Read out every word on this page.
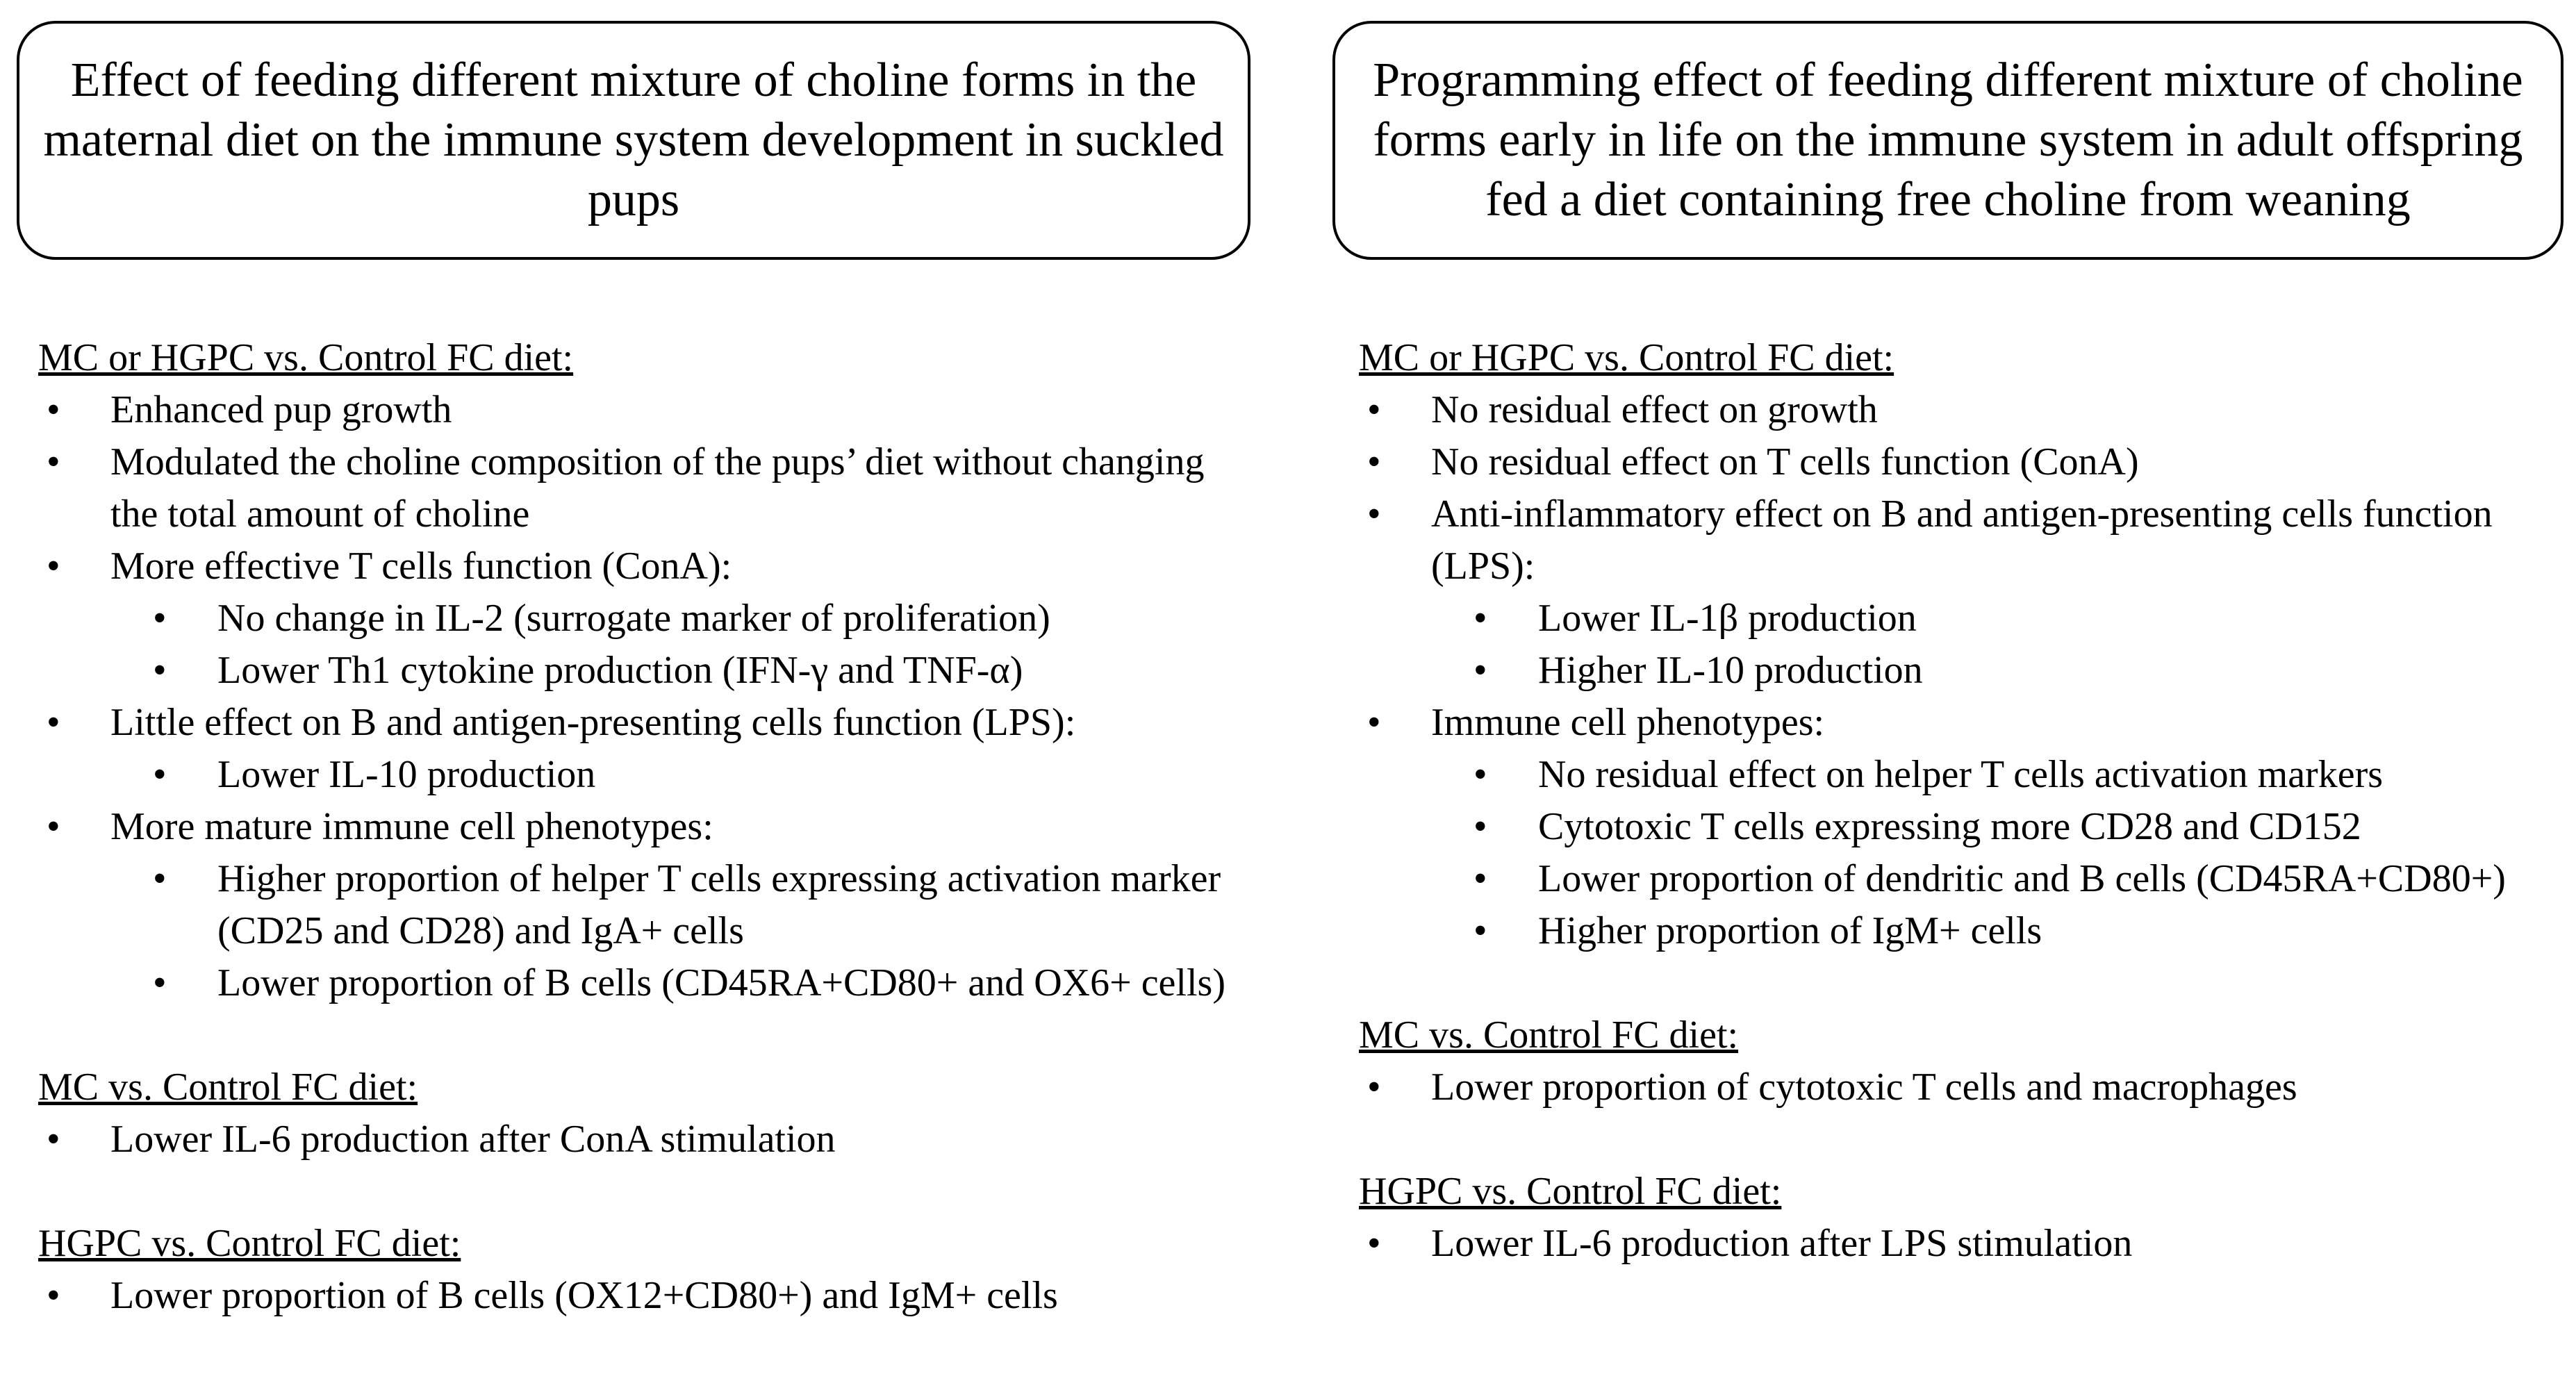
Effect of feeding different mixture of choline forms in the maternal diet on the immune system development in suckled pups
Programming effect of feeding different mixture of choline forms early in life on the immune system in adult offspring fed a diet containing free choline from weaning
MC or HGPC vs. Control FC diet:
• Enhanced pup growth
• Modulated the choline composition of the pups’ diet without changing the total amount of choline
• More effective T cells function (ConA):
• No change in IL-2 (surrogate marker of proliferation)
• Lower Th1 cytokine production (IFN-γ and TNF-α)
• Little effect on B and antigen-presenting cells function (LPS):
• Lower IL-10 production
• More mature immune cell phenotypes:
• Higher proportion of helper T cells expressing activation marker (CD25 and CD28) and IgA+ cells
• Lower proportion of B cells (CD45RA+CD80+ and OX6+ cells)
MC vs. Control FC diet:
• Lower IL-6 production after ConA stimulation
HGPC vs. Control FC diet:
• Lower proportion of B cells (OX12+CD80+) and IgM+ cells
MC or HGPC vs. Control FC diet:
• No residual effect on growth
• No residual effect on T cells function (ConA)
• Anti-inflammatory effect on B and antigen-presenting cells function (LPS):
• Lower IL-1β production
• Higher IL-10 production
• Immune cell phenotypes:
• No residual effect on helper T cells activation markers
• Cytotoxic T cells expressing more CD28 and CD152
• Lower proportion of dendritic and B cells (CD45RA+CD80+)
• Higher proportion of IgM+ cells
MC vs. Control FC diet:
• Lower proportion of cytotoxic T cells and macrophages
HGPC vs. Control FC diet:
• Lower IL-6 production after LPS stimulation
